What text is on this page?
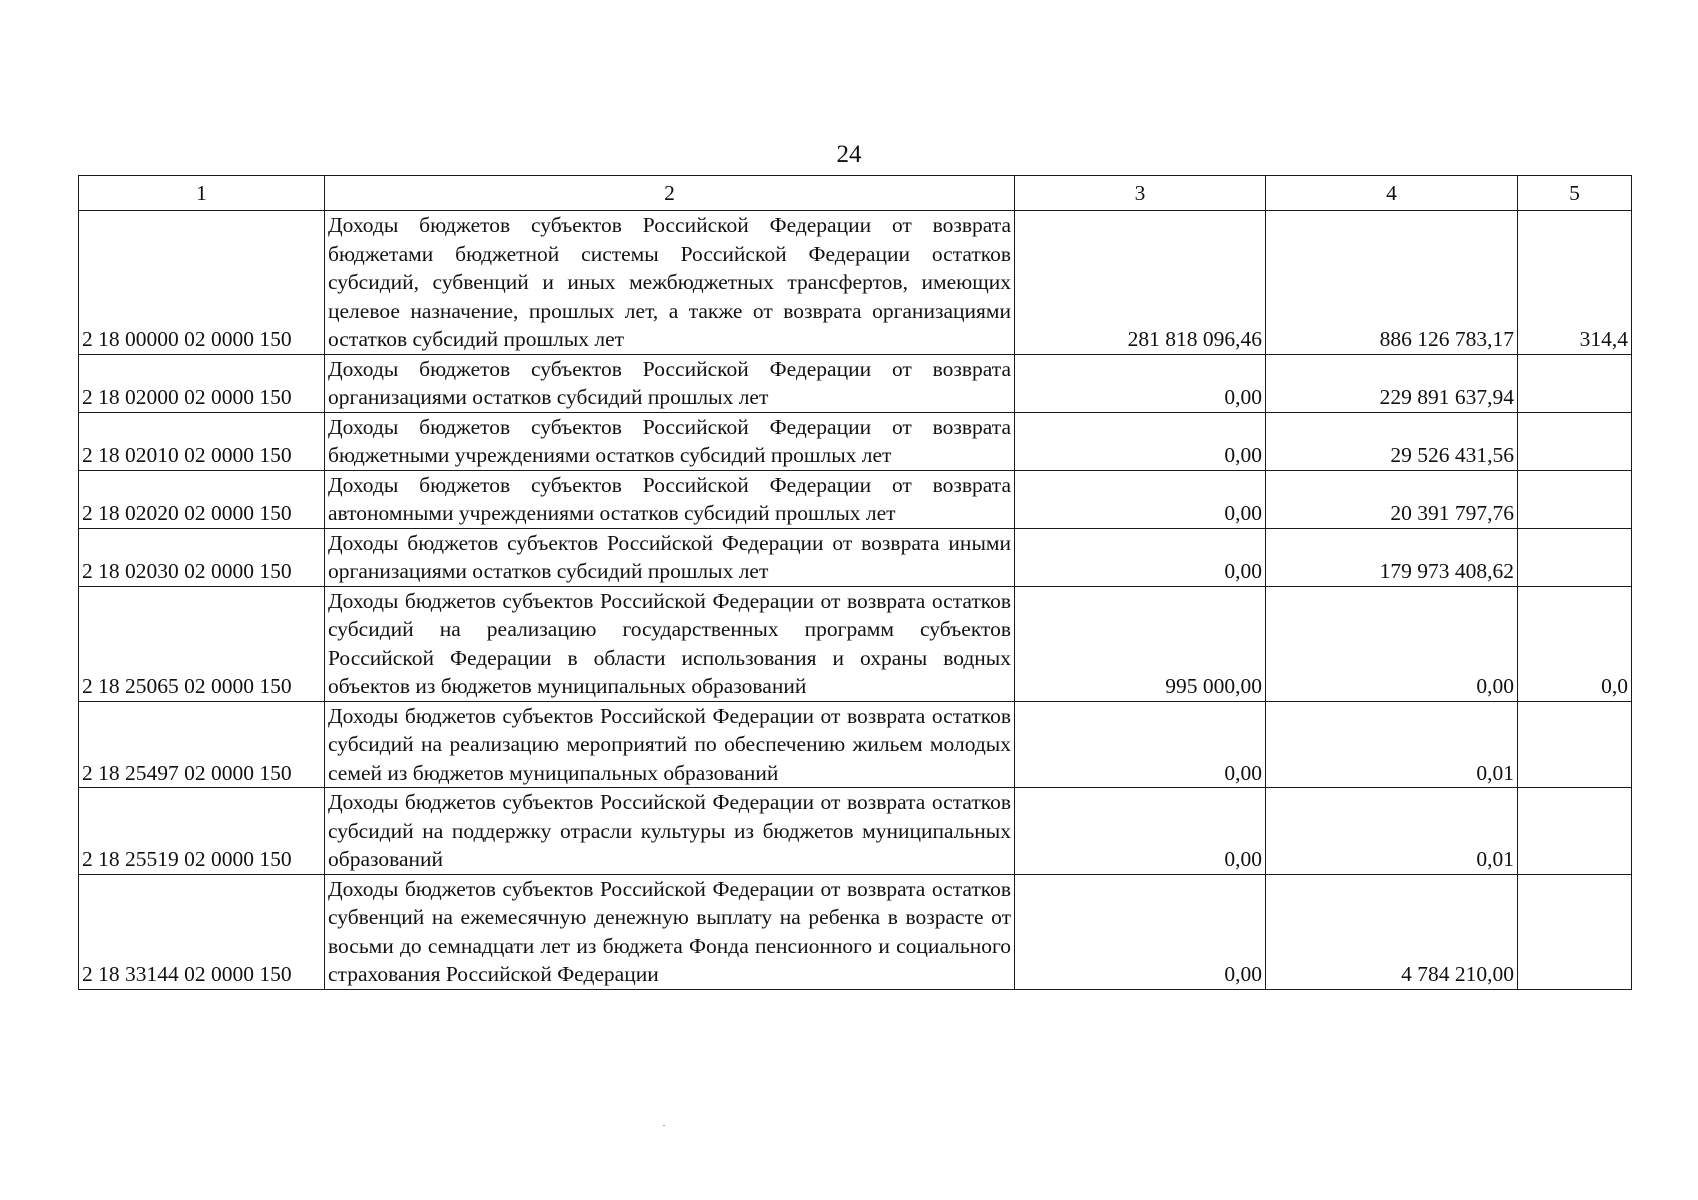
24
1	2	3	4	5
2 18 00000 02 0000 150	Доходы бюджетов субъектов Российской Федерации от возврата бюджетами бюджетной системы Российской Федерации остатков субсидий, субвенций и иных межбюджетных трансфертов, имеющих целевое назначение, прошлых лет, а также от возврата организациями остатков субсидий прошлых лет	281 818 096,46	886 126 783,17	314,4
2 18 02000 02 0000 150	Доходы бюджетов субъектов Российской Федерации от возврата организациями остатков субсидий прошлых лет	0,00	229 891 637,94	
2 18 02010 02 0000 150	Доходы бюджетов субъектов Российской Федерации от возврата бюджетными учреждениями остатков субсидий прошлых лет	0,00	29 526 431,56	
2 18 02020 02 0000 150	Доходы бюджетов субъектов Российской Федерации от возврата автономными учреждениями остатков субсидий прошлых лет	0,00	20 391 797,76	
2 18 02030 02 0000 150	Доходы бюджетов субъектов Российской Федерации от возврата иными организациями остатков субсидий прошлых лет	0,00	179 973 408,62	
2 18 25065 02 0000 150	Доходы бюджетов субъектов Российской Федерации от возврата остатков субсидий на реализацию государственных программ субъектов Российской Федерации в области использования и охраны водных объектов из бюджетов муниципальных образований	995 000,00	0,00	0,0
2 18 25497 02 0000 150	Доходы бюджетов субъектов Российской Федерации от возврата остатков субсидий на реализацию мероприятий по обеспечению жильем молодых семей из бюджетов муниципальных образований	0,00	0,01	
2 18 25519 02 0000 150	Доходы бюджетов субъектов Российской Федерации от возврата остатков субсидий на поддержку отрасли культуры из бюджетов муниципальных образований	0,00	0,01	
2 18 33144 02 0000 150	Доходы бюджетов субъектов Российской Федерации от возврата остатков субвенций на ежемесячную денежную выплату на ребенка в возрасте от восьми до семнадцати лет из бюджета Фонда пенсионного и социального страхования Российской Федерации	0,00	4 784 210,00	
